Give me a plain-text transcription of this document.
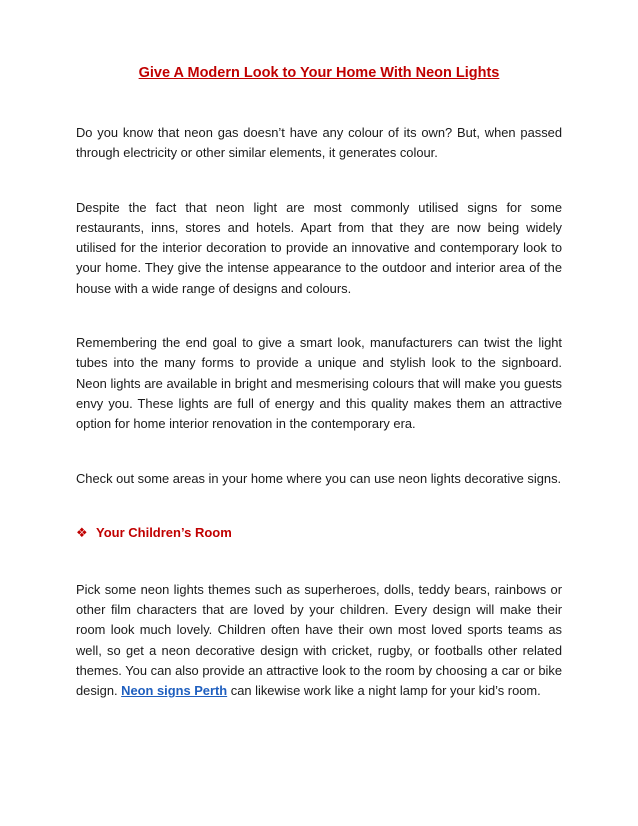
Give A Modern Look to Your Home With Neon Lights

Do you know that neon gas doesn’t have any colour of its own? But, when passed through electricity or other similar elements, it generates colour.

Despite the fact that neon light are most commonly utilised signs for some restaurants, inns, stores and hotels. Apart from that they are now being widely utilised for the interior decoration to provide an innovative and contemporary look to your home. They give the intense appearance to the outdoor and interior area of the house with a wide range of designs and colours.

Remembering the end goal to give a smart look, manufacturers can twist the light tubes into the many forms to provide a unique and stylish look to the signboard. Neon lights are available in bright and mesmerising colours that will make you guests envy you. These lights are full of energy and this quality makes them an attractive option for home interior renovation in the contemporary era.

Check out some areas in your home where you can use neon lights decorative signs.

❖ Your Children’s Room

Pick some neon lights themes such as superheroes, dolls, teddy bears, rainbows or other film characters that are loved by your children. Every design will make their room look much lovely. Children often have their own most loved sports teams as well, so get a neon decorative design with cricket, rugby, or footballs other related themes. You can also provide an attractive look to the room by choosing a car or bike design. Neon signs Perth can likewise work like a night lamp for your kid’s room.
